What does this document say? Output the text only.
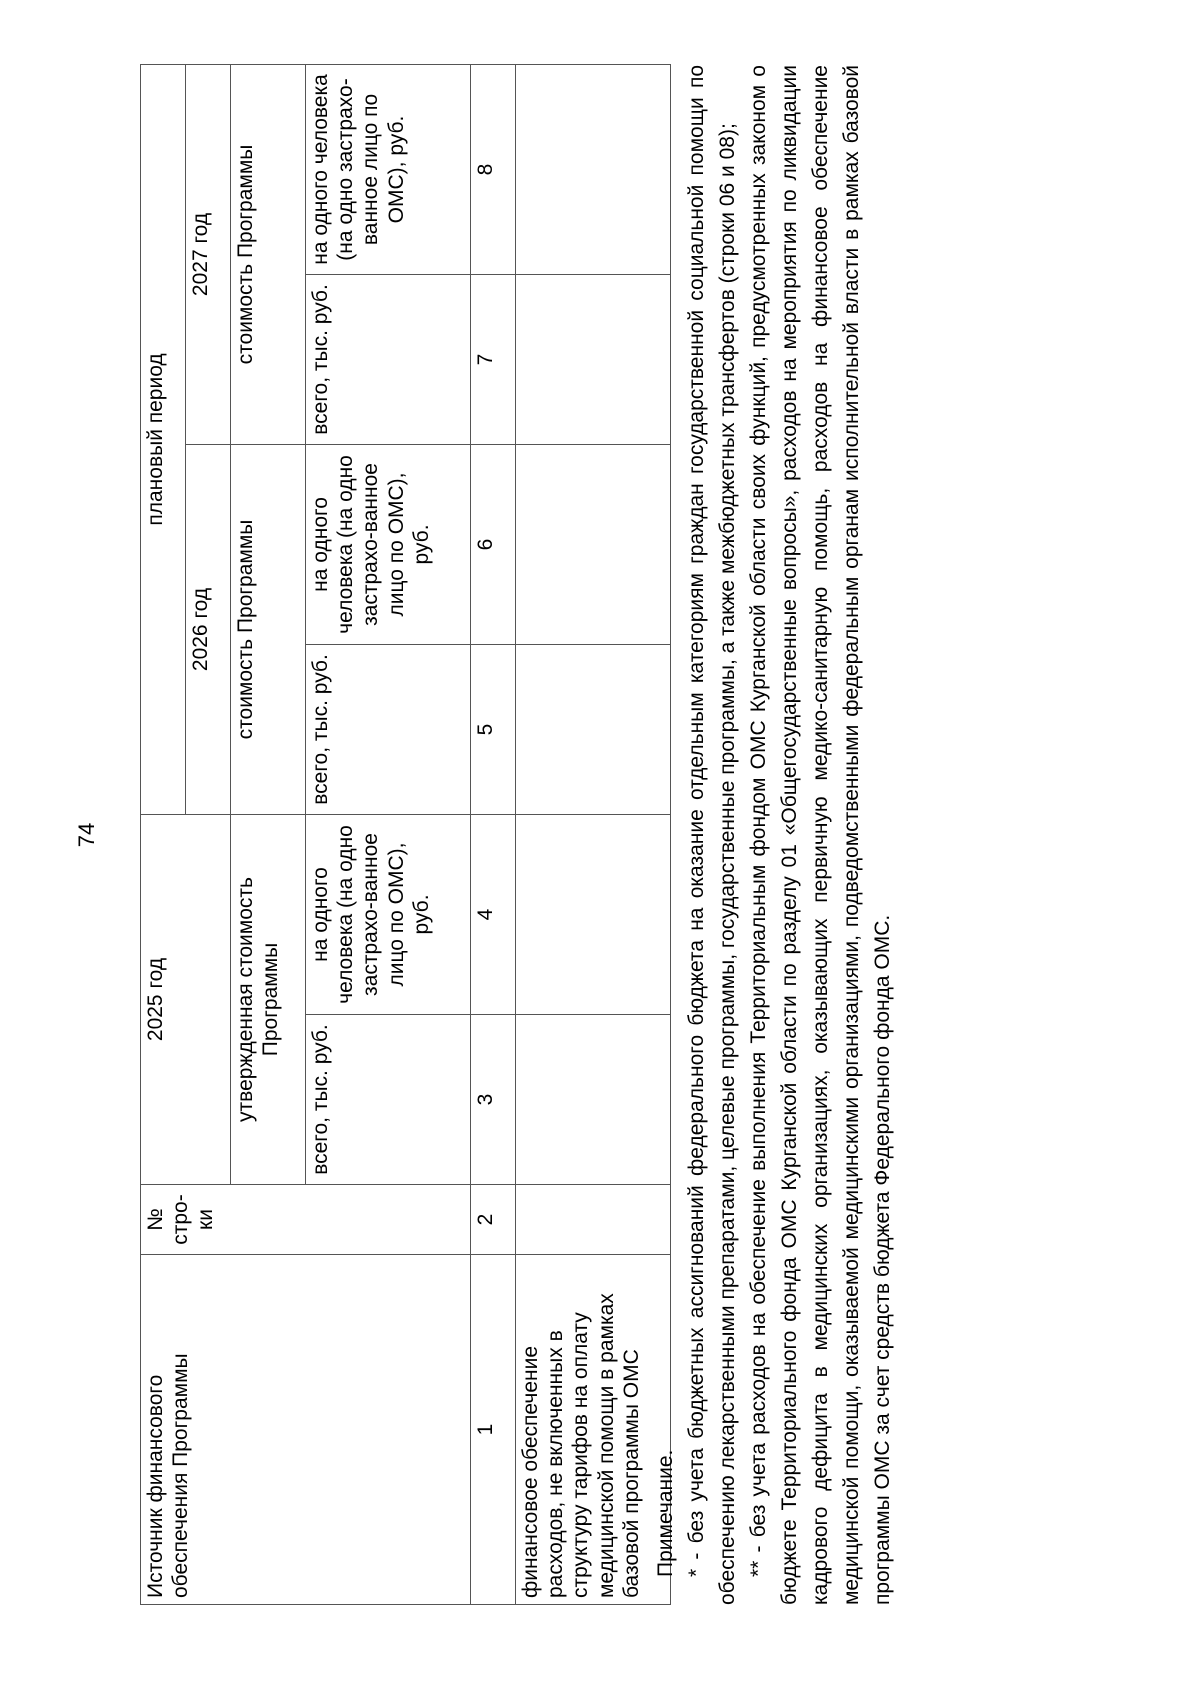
74
Источник финансового обеспечения Программы	№ стро-ки	2025 год		плановый период			
				2026 год		2027 год	
		утвержденная стоимость Программы		стоимость Программы		стоимость Программы	
		всего, тыс. руб.	на одного человека (на одно застрахо-ванное лицо по ОМС), руб.	всего, тыс. руб.	на одного человека (на одно застрахо-ванное лицо по ОМС), руб.	всего, тыс. руб.	на одного человека (на одно застрахо-ванное лицо по ОМС), руб.
1	2	3	4	5	6	7	8
финансовое обеспечение расходов, не включенных в структуру тарифов на оплату медицинской помощи в рамках базовой программы ОМС							Примечание. * - без учета бюджетных ассигнований федерального бюджета на оказание отдельным категориям граждан государственной социальной помощи по обеспечению лекарственными препаратами, целевые программы, государственные программы, а также межбюджетных трансфертов (строки 06 и 08); ** - без учета расходов на обеспечение выполнения Территориальным фондом ОМС Курганской области своих функций, предусмотренных законом о бюджете Территориального фонда ОМС Курганской области по разделу 01 «Общегосударственные вопросы», расходов на мероприятия по ликвидации кадрового дефицита в медицинских организациях, оказывающих первичную медико-санитарную помощь, расходов на финансовое обеспечение медицинской помощи, оказываемой медицинскими организациями, подведомственными федеральным органам исполнительной власти в рамках базовой программы ОМС за счет средств бюджета Федерального фонда ОМС.
